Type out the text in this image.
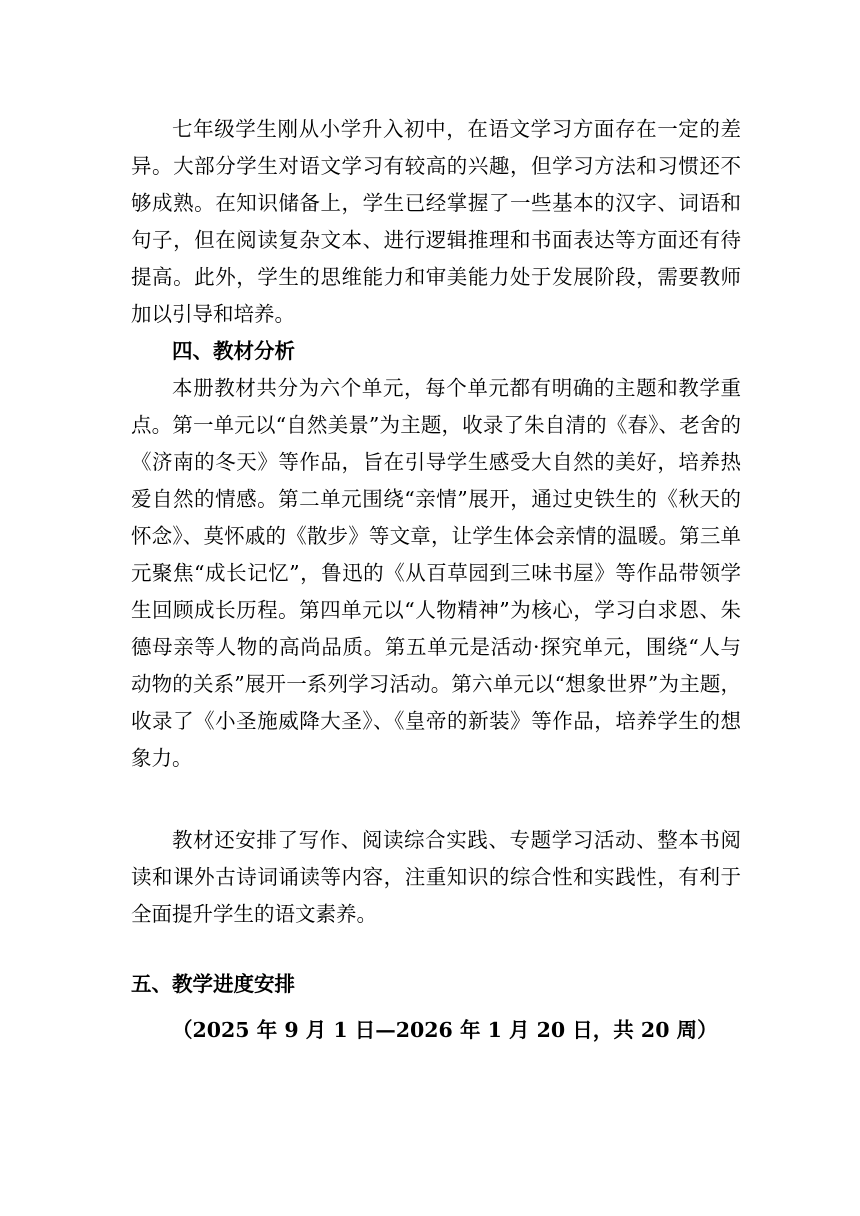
七年级学生刚从小学升入初中，在语文学习方面存在一定的差异。大部分学生对语文学习有较高的兴趣，但学习方法和习惯还不够成熟。在知识储备上，学生已经掌握了一些基本的汉字、词语和句子，但在阅读复杂文本、进行逻辑推理和书面表达等方面还有待提高。此外，学生的思维能力和审美能力处于发展阶段，需要教师加以引导和培养。

四、教材分析

本册教材共分为六个单元，每个单元都有明确的主题和教学重点。第一单元以“自然美景”为主题，收录了朱自清的《春》、老舍的《济南的冬天》等作品，旨在引导学生感受大自然的美好，培养热爱自然的情感。第二单元围绕“亲情”展开，通过史铁生的《秋天的怀念》、莫怀戚的《散步》等文章，让学生体会亲情的温暖。第三单元聚焦“成长记忆”，鲁迅的《从百草园到三味书屋》等作品带领学生回顾成长历程。第四单元以“人物精神”为核心，学习白求恩、朱德母亲等人物的高尚品质。第五单元是活动·探究单元，围绕“人与动物的关系”展开一系列学习活动。第六单元以“想象世界”为主题，收录了《小圣施威降大圣》、《皇帝的新装》等作品，培养学生的想象力。

教材还安排了写作、阅读综合实践、专题学习活动、整本书阅读和课外古诗词诵读等内容，注重知识的综合性和实践性，有利于全面提升学生的语文素养。

五、教学进度安排

（2025 年 9 月 1 日—2026 年 1 月 20 日，共 20 周）
